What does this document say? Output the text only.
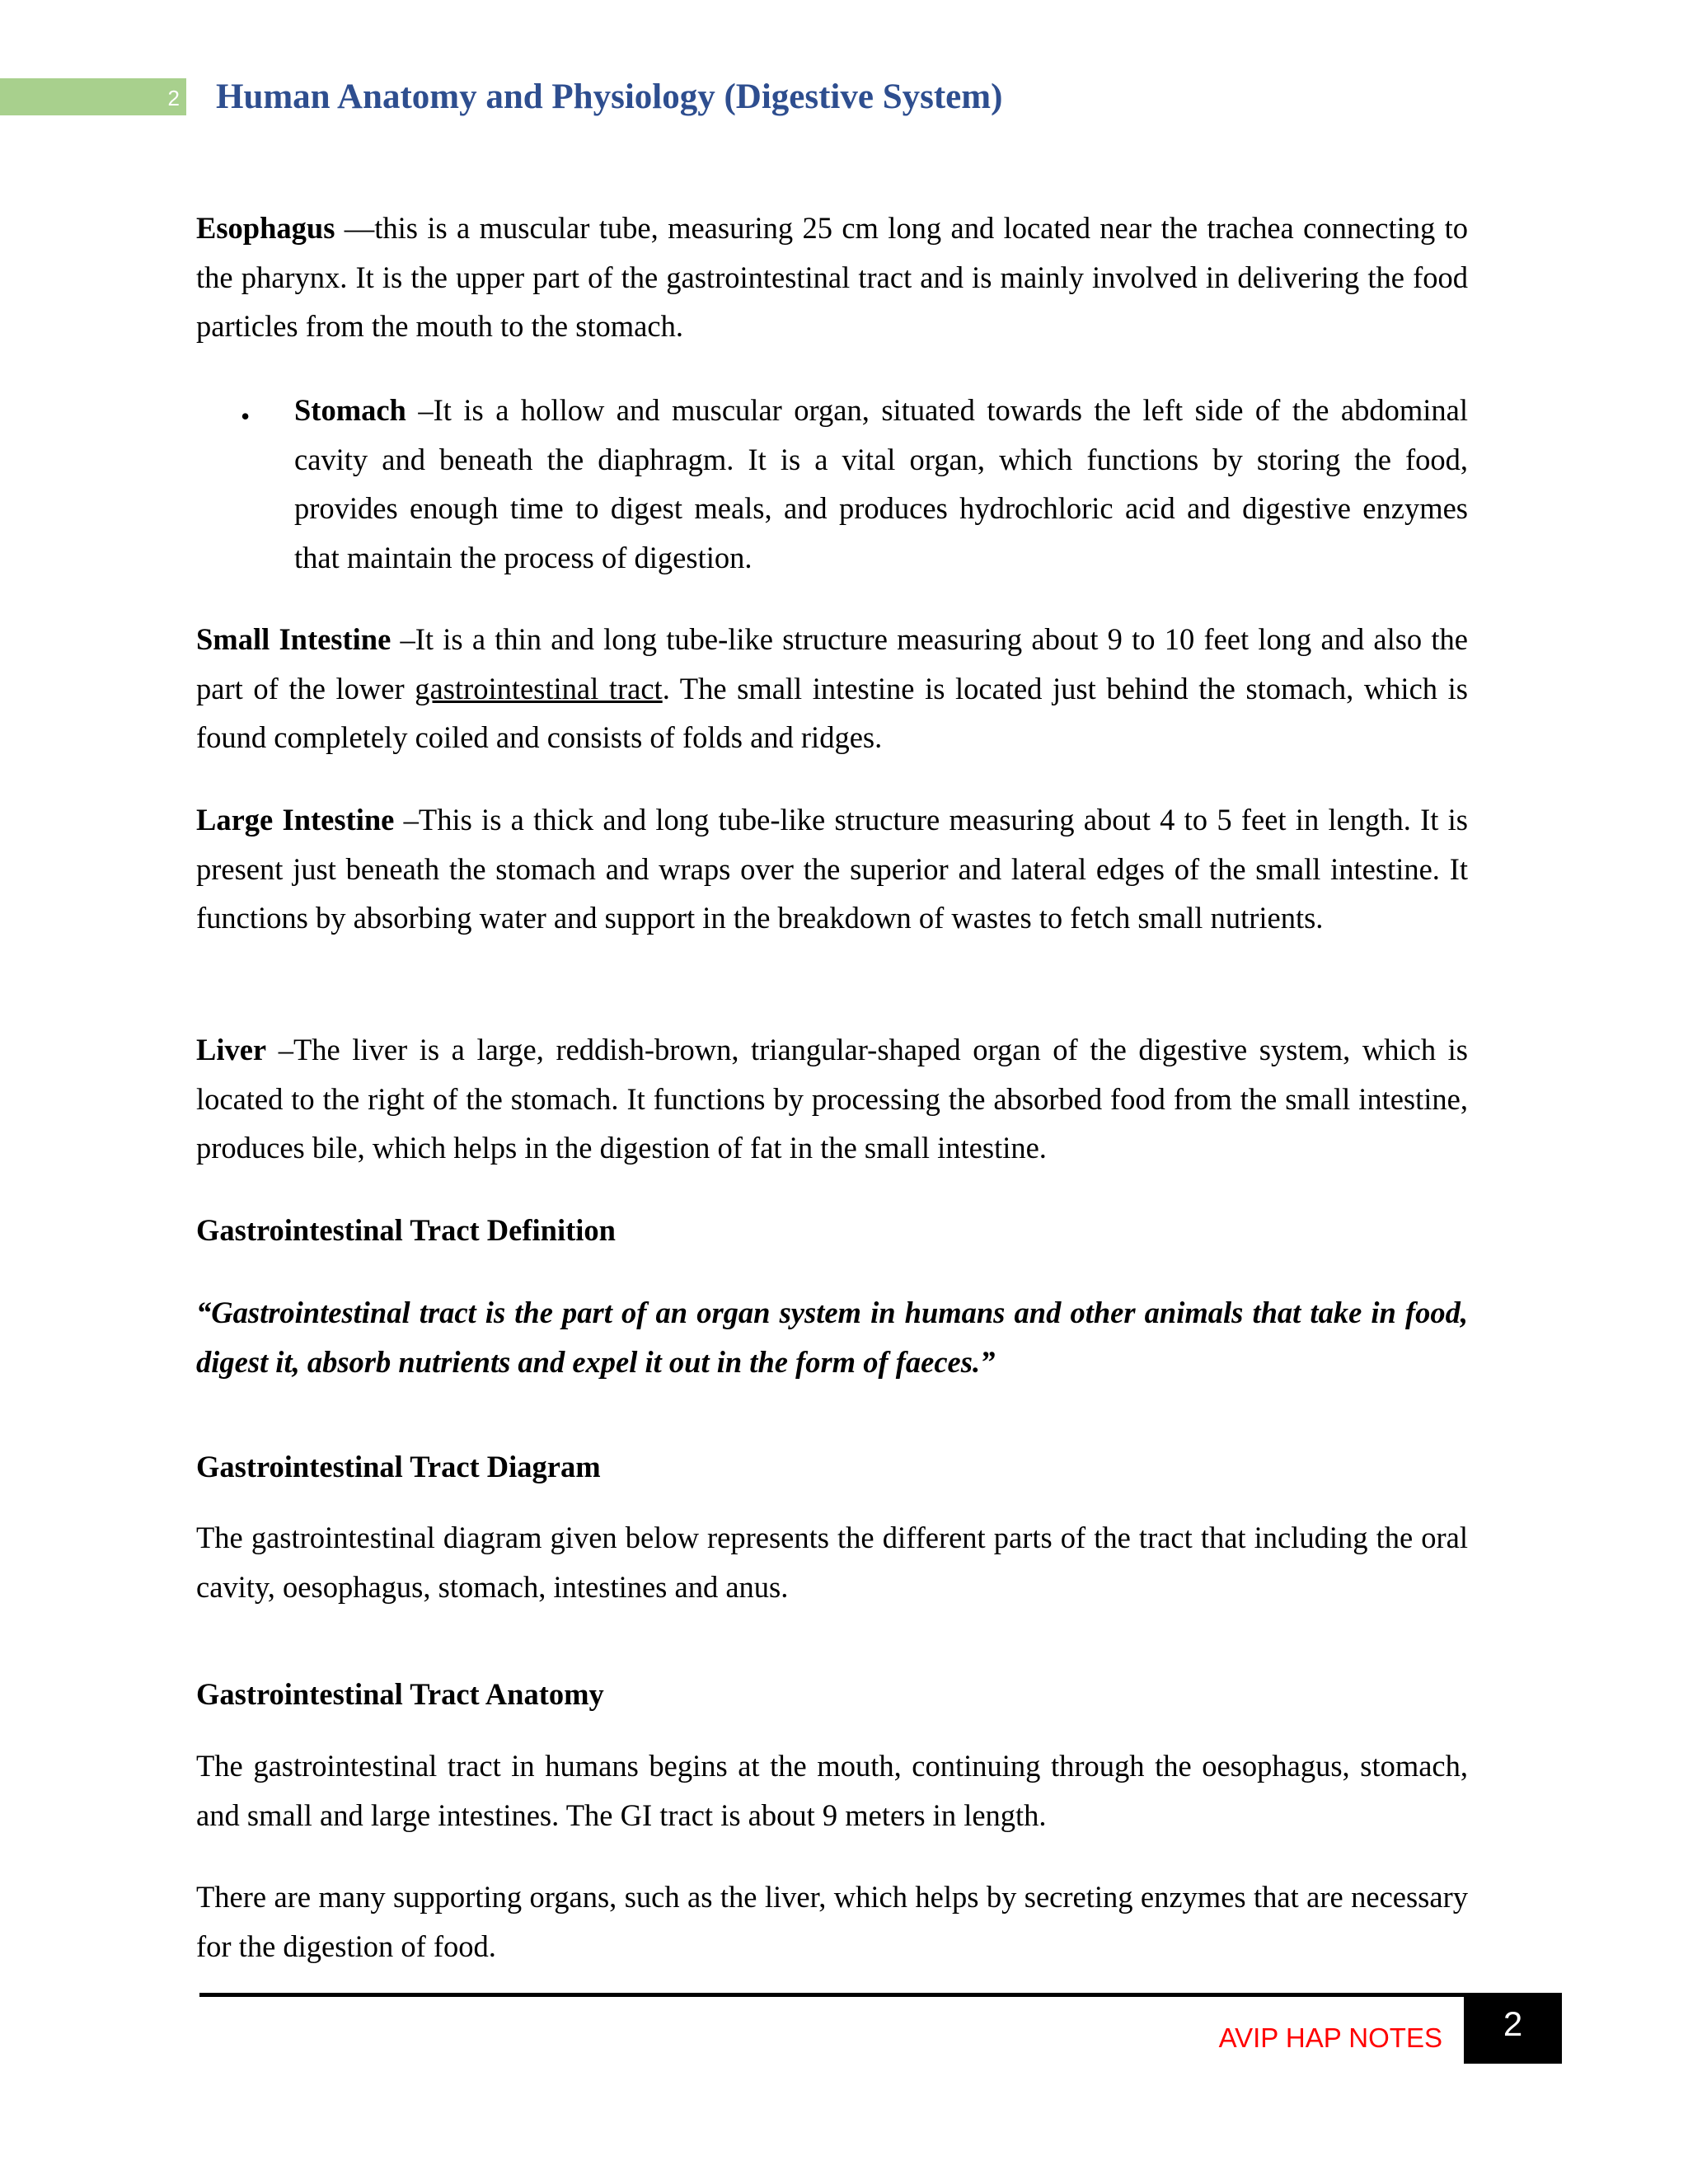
2 Human Anatomy and Physiology (Digestive System)

Esophagus —this is a muscular tube, measuring 25 cm long and located near the trachea connecting to the pharynx. It is the upper part of the gastrointestinal tract and is mainly involved in delivering the food particles from the mouth to the stomach.

• Stomach –It is a hollow and muscular organ, situated towards the left side of the abdominal cavity and beneath the diaphragm. It is a vital organ, which functions by storing the food, provides enough time to digest meals, and produces hydrochloric acid and digestive enzymes that maintain the process of digestion.

Small Intestine –It is a thin and long tube-like structure measuring about 9 to 10 feet long and also the part of the lower gastrointestinal tract. The small intestine is located just behind the stomach, which is found completely coiled and consists of folds and ridges.

Large Intestine –This is a thick and long tube-like structure measuring about 4 to 5 feet in length. It is present just beneath the stomach and wraps over the superior and lateral edges of the small intestine. It functions by absorbing water and support in the breakdown of wastes to fetch small nutrients.

Liver –The liver is a large, reddish-brown, triangular-shaped organ of the digestive system, which is located to the right of the stomach. It functions by processing the absorbed food from the small intestine, produces bile, which helps in the digestion of fat in the small intestine.

Gastrointestinal Tract Definition

“Gastrointestinal tract is the part of an organ system in humans and other animals that take in food, digest it, absorb nutrients and expel it out in the form of faeces.”

Gastrointestinal Tract Diagram

The gastrointestinal diagram given below represents the different parts of the tract that including the oral cavity, oesophagus, stomach, intestines and anus.

Gastrointestinal Tract Anatomy

The gastrointestinal tract in humans begins at the mouth, continuing through the oesophagus, stomach, and small and large intestines. The GI tract is about 9 meters in length.

There are many supporting organs, such as the liver, which helps by secreting enzymes that are necessary for the digestion of food.

AVIP HAP NOTES	2
